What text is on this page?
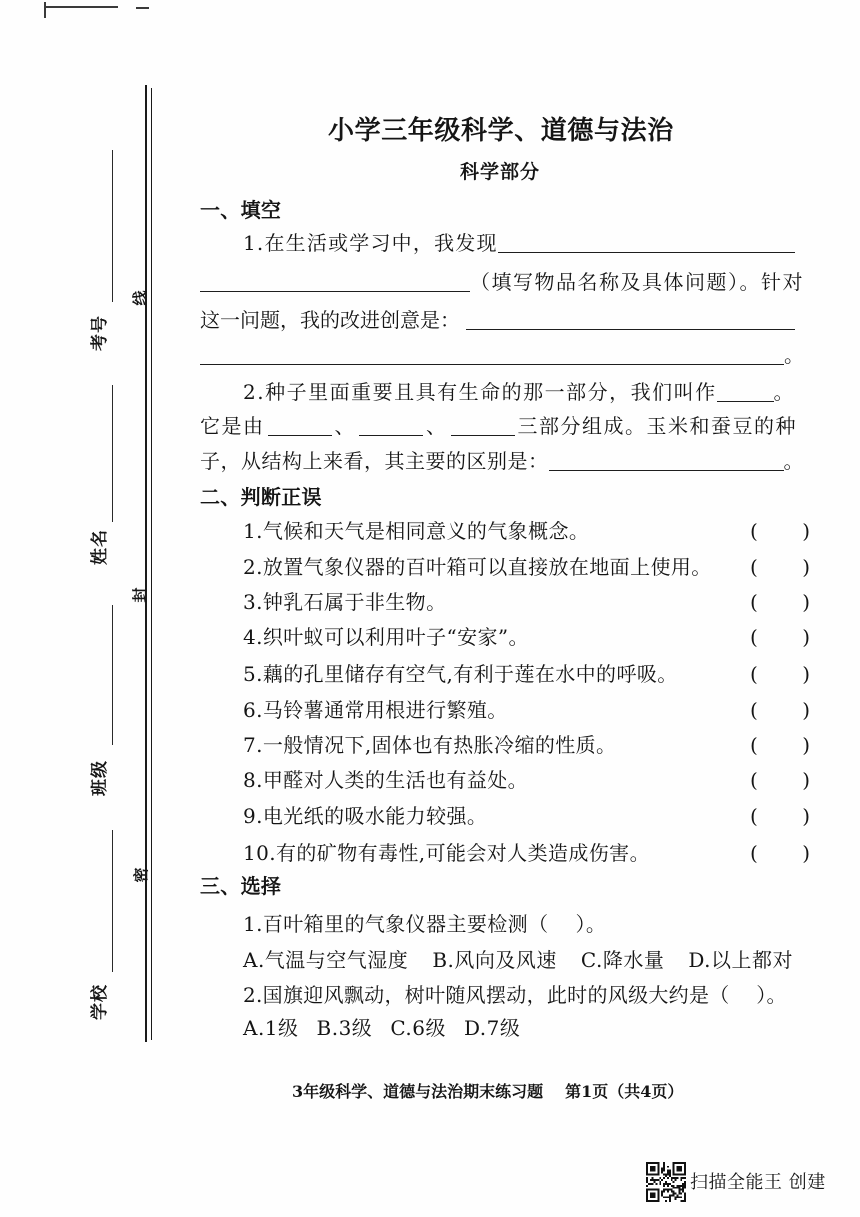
考号
线
姓名
封
班级
密
学校
小学三年级科学、道德与法治
科学部分
一、填空
1.在生活或学习中，我发现
（填写物品名称及具体问题）。针对
这一问题，我的改进创意是：
。
2.种子里面重要且具有生命的那一部分，我们叫作	。
它是由	、	、	三部分组成。玉米和蚕豆的种
子，从结构上来看，其主要的区别是：	。
二、判断正误
1.气候和天气是相同意义的气象概念。	(       )
2.放置气象仪器的百叶箱可以直接放在地面上使用。 (       )
3.钟乳石属于非生物。	(       )
4.织叶蚁可以利用叶子“安家”。	(       )
5.藕的孔里储存有空气,有利于莲在水中的呼吸。	(       )
6.马铃薯通常用根进行繁殖。	(       )
7.一般情况下,固体也有热胀冷缩的性质。	(       )
8.甲醛对人类的生活也有益处。	(       )
9.电光纸的吸水能力较强。	(       )
10.有的矿物有毒性,可能会对人类造成伤害。	(       )
三、选择
1.百叶箱里的气象仪器主要检测（    ）。
A.气温与空气湿度 B.风向及风速 C.降水量 D.以上都对
2.国旗迎风飘动，树叶随风摆动，此时的风级大约是（    ）。
A.1级 B.3级 C.6级 D.7级
3年级科学、道德与法治期末练习题 第1页（共4页）
扫描全能王 创建
